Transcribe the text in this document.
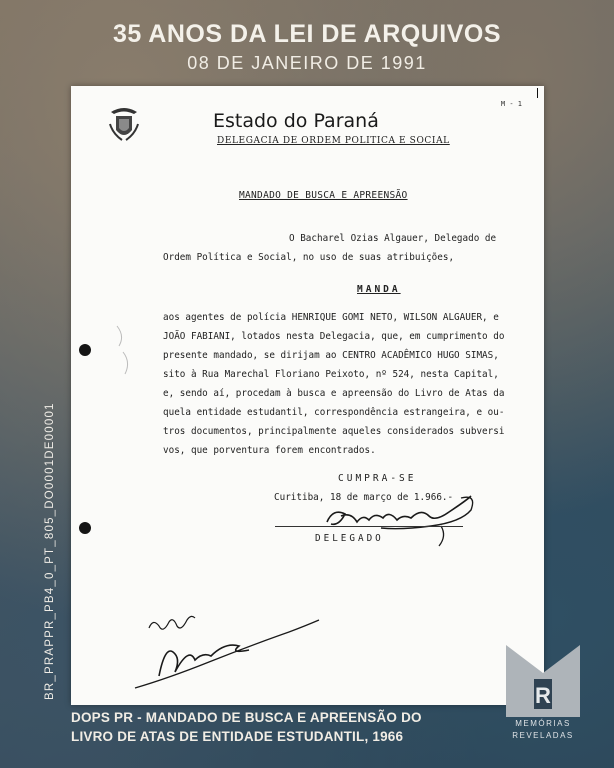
35 ANOS DA LEI DE ARQUIVOS
08 DE JANEIRO DE 1991
BR_PRAPPR_PB4_0_PT_805_DO0001DE00001
Estado do Paraná
DELEGACIA DE ORDEM POLITICA E SOCIAL
M - 1
MANDADO DE BUSCA E APREENSÃO
O Bacharel Ozias Algauer, Delegado de
Ordem Política e Social, no uso de suas atribuições,
MANDA
aos agentes de polícia HENRIQUE GOMI NETO, WILSON ALGAUER, e
JOÃO FABIANI, lotados nesta Delegacia, que, em cumprimento do
presente mandado, se dirijam ao CENTRO ACADÊMICO HUGO SIMAS,
sito à Rua Marechal Floriano Peixoto, nº 524, nesta Capital,
e, sendo aí, procedam à busca e apreensão do Livro de Atas da
quela entidade estudantil, correspondência estrangeira, e ou-
tros documentos, principalmente aqueles considerados subversi
vos, que porventura forem encontrados.
CUMPRA-SE
Curitiba, 18 de março de 1.966.-
DELEGADO
DOPS PR - MANDADO DE BUSCA E APREENSÃO DO
LIVRO DE ATAS DE ENTIDADE ESTUDANTIL, 1966
R
MEMÓRIAS
REVELADAS
